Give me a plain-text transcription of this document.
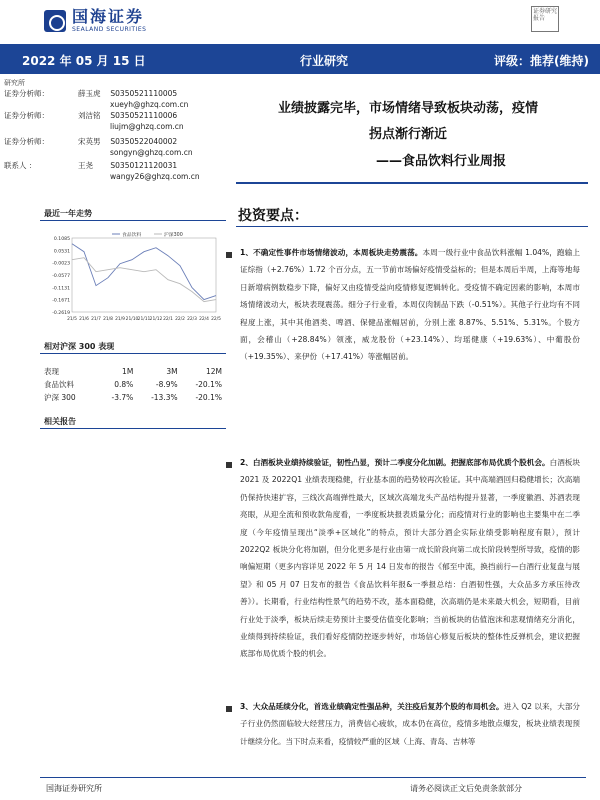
国海证券
SEALAND SECURITIES
证券研究报告
2022 年 05 月 15 日	行业研究	评级：推荐(维持)
研究所
证券分析师：	薛玉虎 S0350521110005
xueyh@ghzq.com.cn
证券分析师：	刘洁铭 S0350521110006
liujm@ghzq.com.cn
证券分析师：	宋英男 S0350522040002
songyn@ghzq.com.cn
联系人 ：	王尧 S0350121120031
wangy26@ghzq.com.cn
业绩披露完毕，市场情绪导致板块动荡，疫情
拐点渐行渐近
——食品饮料行业周报
最近一年走势
0.1085
0.0531
-0.0023
-0.0577
-0.1131
-0.1671
-0.2619
21/5 21/6 21/7 21/8 21/9 21/10 21/11 21/12 22/1 22/2 22/3 22/4 22/5
食品饮料	沪深300
相对沪深 300 表现
表现	1M	3M	12M
食品饮料	0.8%	-8.9%	-20.1%
沪深 300	-3.7%	-13.3%	-20.1%
相关报告
投资要点：
1、不确定性事件市场情绪波动，本周板块走势震荡。本周一级行业中食品饮料涨幅 1.04%，跑输上证综指（+2.76%）1.72 个百分点，五一节前市场偏好疫情受益标的；但是本周后半周，上海等地每日新增病例数稳步下降，偏好又由疫情受益向疫情修复逻辑转化。受疫情不确定因素的影响，本周市场情绪波动大，板块表现震荡。细分子行业看，本周仅肉制品下跌（-0.51%）。其他子行业均有不同程度上涨，其中其他酒类、啤酒、保健品涨幅居前，分别上涨 8.87%、5.51%、5.31%。个股方面，会稽山（+28.84%）领涨，威龙股份（+23.14%）、均瑶健康（+19.63%）、中葡股份（+19.35%）、来伊份（+17.41%）等涨幅居前。
2、白酒板块业绩持续验证，韧性凸显，预计二季度分化加剧。把握底部布局优质个股机会。白酒板块 2021 及 2022Q1 业绩表现稳健，行业基本面的趋势较再次验证。其中高端酒回归稳健增长；次高端仍保持快速扩容，三线次高端弹性最大，区域次高端龙头产品结构提升显著，一季度徽酒、苏酒表现亮眼，从迎全流和预收款角度看，一季度板块报表质量分化；而疫情对行业的影响也主要集中在二季度（今年疫情呈现出“淡季+区域化”的特点，预计大部分酒企实际业绩受影响程度有限），预计 2022Q2 板块分化将加剧，但分化更多是行业由第一成长阶段向第二成长阶段转型所导致，疫情的影响偏短期（更多内容详见 2022 年 5 月 14 日发布的报告《郁至中流，换挡前行—白酒行业复盘与展望》和 05 月 07 日发布的报告《食品饮料年报&一季报总结：白酒韧性强，大众品多方承压待改善》）。长期看，行业结构性景气的趋势不改，基本面稳健，次高端仍是未来最大机会，短期看，目前行业处于淡季，板块后续走势预计主要受估值变化影响；当前板块的估值泡沫和悲观情绪充分消化，业绩得到持续验证，我们看好疫情防控逐步转好，市场信心修复后板块的整体性反弹机会，建议把握底部布局优质个股的机会。
3、大众品延续分化，首选业绩确定性强品种，关注疫后复苏个股的布局机会。进入 Q2 以来，大部分子行业仍然面临较大经营压力，消费信心疲软，成本仍在高位，疫情多地散点爆发，板块业绩表现预计继续分化。当下时点来看，疫情较严重的区域（上海、青岛、吉林等
国海证券研究所	请务必阅读正文后免责条款部分
